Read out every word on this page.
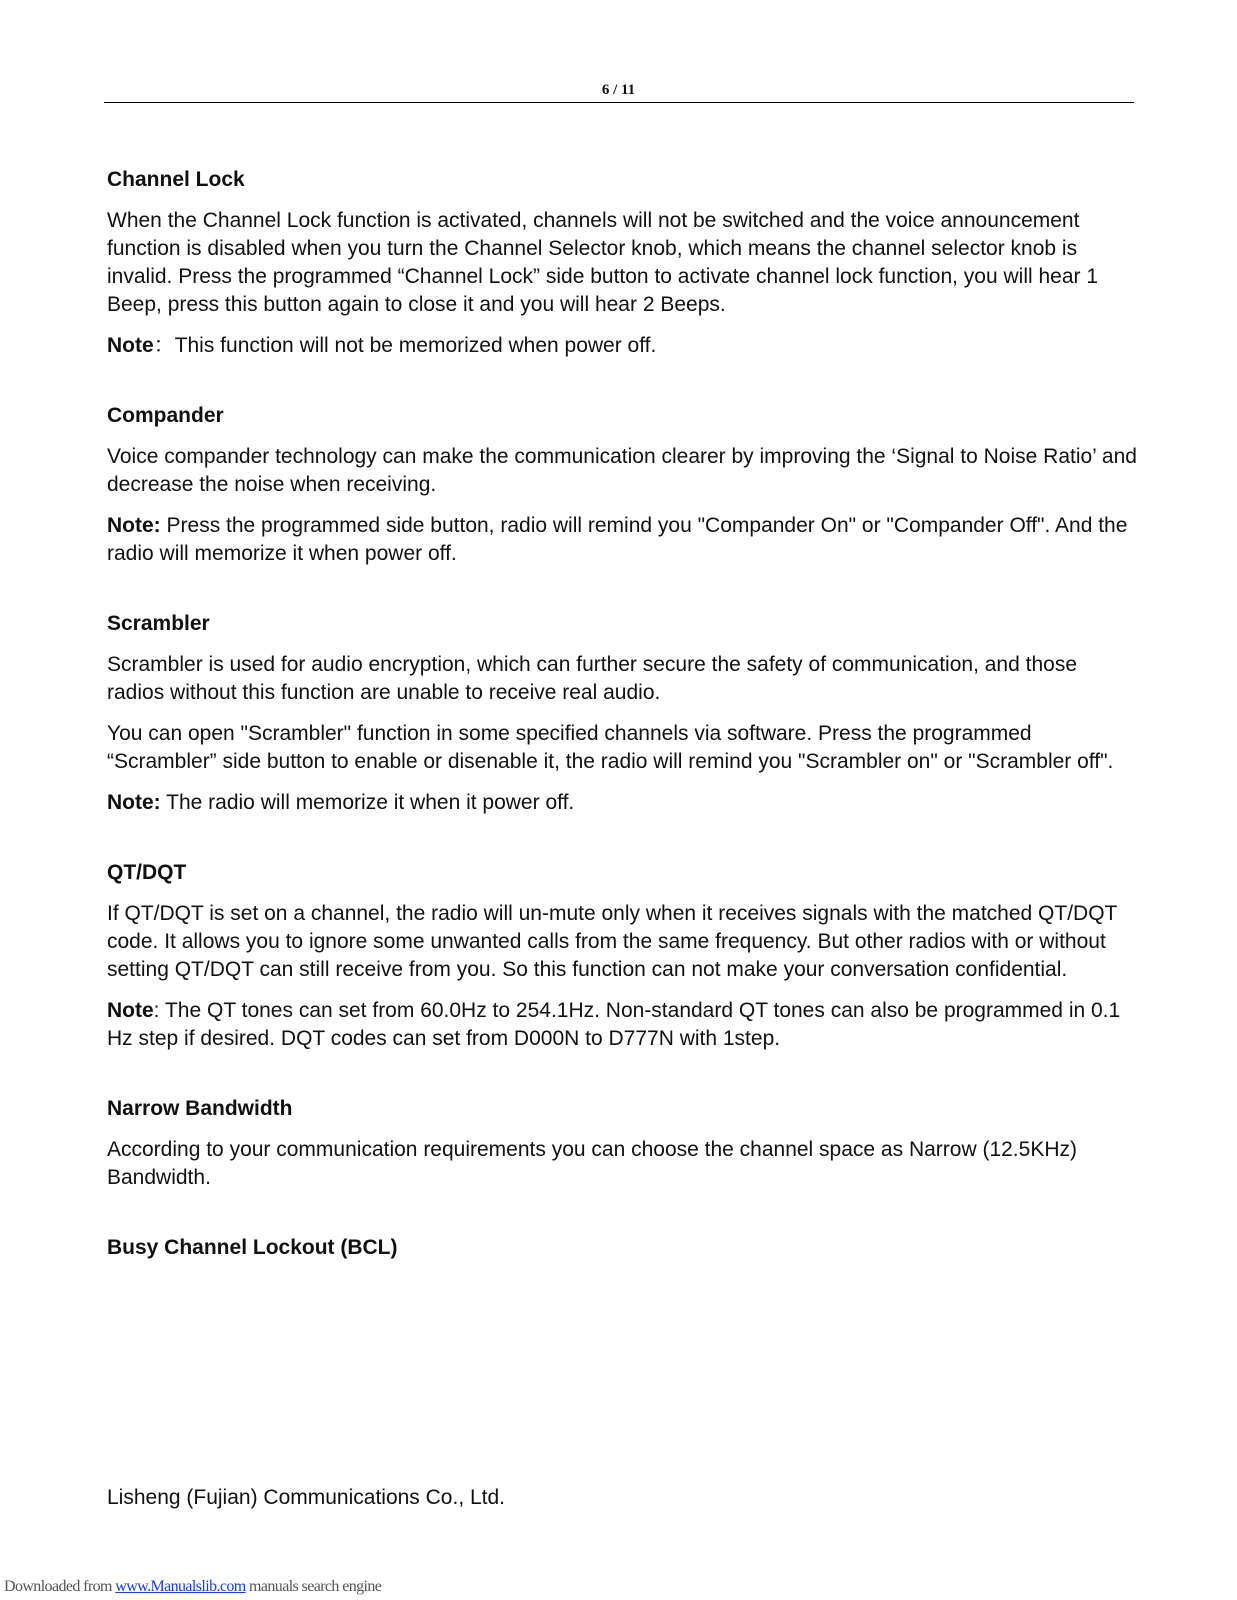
6 / 11
Channel Lock
When the Channel Lock function is activated, channels will not be switched and the voice announcement function is disabled when you turn the Channel Selector knob, which means the channel selector knob is invalid. Press the programmed “Channel Lock” side button to activate channel lock function, you will hear 1 Beep, press this button again to close it and you will hear 2 Beeps.
Note：This function will not be memorized when power off.
Compander
Voice compander technology can make the communication clearer by improving the ‘Signal to Noise Ratio’ and decrease the noise when receiving.
Note: Press the programmed side button, radio will remind you "Compander On" or "Compander Off". And the radio will memorize it when power off.
Scrambler
Scrambler is used for audio encryption, which can further secure the safety of communication, and those radios without this function are unable to receive real audio.
You can open "Scrambler" function in some specified channels via software. Press the programmed “Scrambler” side button to enable or disenable it, the radio will remind you "Scrambler on" or "Scrambler off".
Note: The radio will memorize it when it power off.
QT/DQT
If QT/DQT is set on a channel, the radio will un-mute only when it receives signals with the matched QT/DQT code. It allows you to ignore some unwanted calls from the same frequency. But other radios with or without setting QT/DQT can still receive from you. So this function can not make your conversation confidential.
Note: The QT tones can set from 60.0Hz to 254.1Hz. Non-standard QT tones can also be programmed in 0.1 Hz step if desired. DQT codes can set from D000N to D777N with 1step.
Narrow Bandwidth
According to your communication requirements you can choose the channel space as Narrow (12.5KHz) Bandwidth.
Busy Channel Lockout (BCL)
Lisheng (Fujian) Communications Co., Ltd.
Downloaded from www.Manualslib.com manuals search engine
